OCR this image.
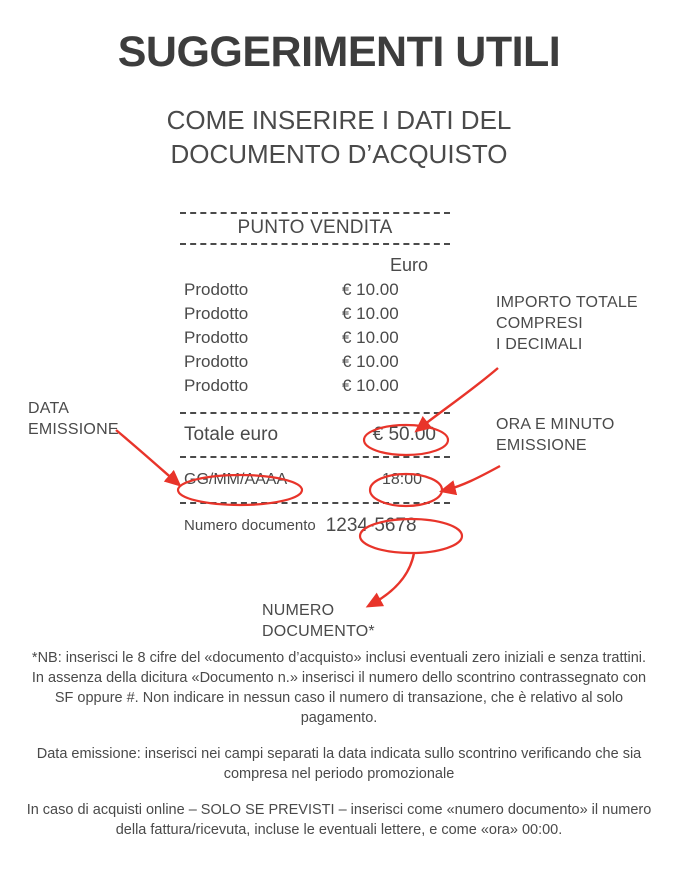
SUGGERIMENTI UTILI
COME INSERIRE I DATI DEL
DOCUMENTO D’ACQUISTO
PUNTO VENDITA
Euro
Prodotto	€ 10.00
Prodotto	€ 10.00
Prodotto	€ 10.00
Prodotto	€ 10.00
Prodotto	€ 10.00
Totale euro	€ 50.00
GG/MM/AAAA	18:00
Numero documento 1234-5678
DATA
EMISSIONE
IMPORTO TOTALE
COMPRESI
I DECIMALI
ORA E MINUTO
EMISSIONE
NUMERO
DOCUMENTO*
*NB: inserisci le 8 cifre del «documento d’acquisto» inclusi eventuali zero iniziali e senza trattini. In assenza della dicitura «Documento n.» inserisci il numero dello scontrino contrassegnato con SF oppure #. Non indicare in nessun caso il numero di transazione, che è relativo al solo pagamento.
Data emissione: inserisci nei campi separati la data indicata sullo scontrino verificando che sia compresa nel periodo promozionale
In caso di acquisti online – SOLO SE PREVISTI – inserisci come «numero documento» il numero della fattura/ricevuta, incluse le eventuali lettere, e come «ora» 00:00.
